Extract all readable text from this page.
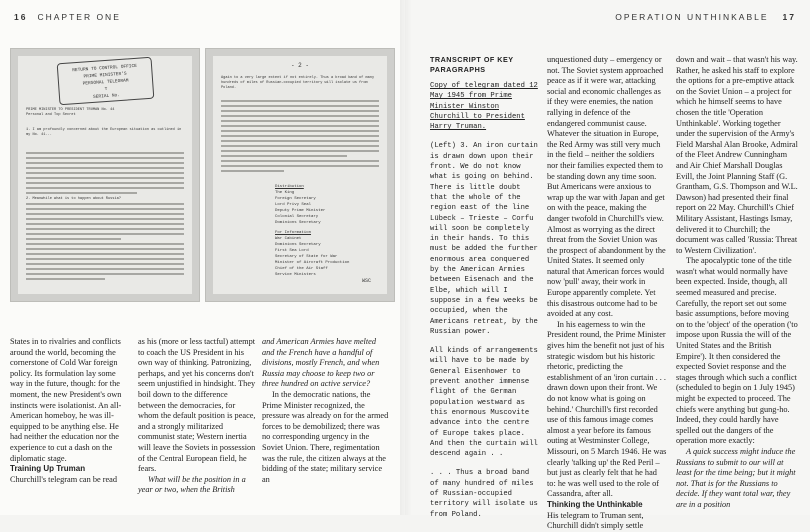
16 CHAPTER ONE	OPERATION UNTHINKABLE 17
RETURN TO CONTROL OFFICE
PRIME MINISTER'S
PERSONAL TELEGRAM
T
SERIAL No.
PRIME MINISTER TO PRESIDENT TRUMAN No. 44
Personal and Top Secret
1. I am profoundly concerned about the European situation as outlined in my No. 41...
2. Meanwhile what is to happen about Russia?
- 2 -
Again to a very large extent if not entirely. Thus a broad band of many hundreds of miles of Russian-occupied territory will isolate us from Poland.
Distribution
The King
Foreign Secretary
Lord Privy Seal
Deputy Prime Minister
Colonial Secretary
Dominions Secretary
For Information
War Cabinet
Dominions Secretary
First Sea Lord
Secretary of State for War
Minister of Aircraft Production
Chief of the Air Staff
Service Ministers
WSC

States in to rivalries and conflicts around the world, becoming the cornerstone of Cold War foreign policy. Its formulation lay some way in the future, though: for the moment, the new President's own instincts were isolationist. An all-American homeboy, he was ill-equipped to be anything else. He had neither the education nor the experience to cut a dash on the diplomatic stage.

Training Up Truman

Churchill's telegram can be read

as his (more or less tactful) attempt to coach the US President in his own way of thinking. Patronizing, perhaps, and yet his concerns don't seem unjustified in hindsight. They boil down to the difference between the democracies, for whom the default position is peace, and a strongly militarized communist state; Western inertia will leave the Soviets in possession of the Central European field, he fears.

What will be the position in a year or two, when the British

and American Armies have melted and the French have a handful of divisions, mostly French, and when Russia may choose to keep two or three hundred on active service?

In the democratic nations, the Prime Minister recognized, the pressure was already on for the armed forces to be demobilized; there was no corresponding urgency in the Soviet Union. There, regimentation was the rule, the citizen always at the bidding of the state; military service an

TRANSCRIPT OF KEY PARAGRAPHS
Copy of telegram dated 12 May 1945 from Prime Minister Winston Churchill to President Harry Truman.
(Left) 3. An iron curtain is drawn down upon their front. We do not know what is going on behind. There is little doubt that the whole of the region east of the line Lübeck – Trieste – Corfu will soon be completely in their hands. To this must be added the further enormous area conquered by the American Armies between Eisenach and the Elbe, which will I suppose in a few weeks be occupied, when the Americans retreat, by the Russian power.
All kinds of arrangements will have to be made by General Eisenhower to prevent another immense flight of the German population westward as this enormous Muscovite advance into the centre of Europe takes place. And then the curtain will descend again . .
. . . Thus a broad band of many hundred of miles of Russian-occupied territory will isolate us from Poland.

unquestioned duty – emergency or not. The Soviet system approached peace as if it were war, attacking social and economic challenges as if they were enemies, the nation rallying in defence of the endangered communist cause. Whatever the situation in Europe, the Red Army was still very much in the field – neither the soldiers nor their families expected them to be standing down any time soon. But Americans were anxious to wrap up the war with Japan and get on with the peace, making the danger twofold in Churchill's view. Almost as worrying as the direct threat from the Soviet Union was the prospect of abandonment by the United States. It seemed only natural that American forces would now 'pull' away, their work in Europe apparently complete. Yet this disastrous outcome had to be avoided at any cost.

In his eagerness to win the President round, the Prime Minister gives him the benefit not just of his strategic wisdom but his historic rhetoric, predicting the establishment of an 'iron curtain . . . drawn down upon their front. We do not know what is going on behind.' Churchill's first recorded use of this famous image comes almost a year before its famous outing at Westminster College, Missouri, on 5 March 1946. He was clearly 'talking up' the Red Peril – but just as clearly felt that he had to: he was well used to the role of Cassandra, after all.

Thinking the Unthinkable

His telegram to Truman sent, Churchill didn't simply settle

down and wait – that wasn't his way. Rather, he asked his staff to explore the options for a pre-emptive attack on the Soviet Union – a project for which he himself seems to have chosen the title 'Operation Unthinkable'. Working together under the supervision of the Army's Field Marshal Alan Brooke, Admiral of the Fleet Andrew Cunningham and Air Chief Marshall Douglas Evill, the Joint Planning Staff (G. Grantham, G.S. Thompson and W.L. Dawson) had presented their final report on 22 May. Churchill's Chief Military Assistant, Hastings Ismay, delivered it to Churchill; the document was called 'Russia: Threat to Western Civilization'.

The apocalyptic tone of the title wasn't what would normally have been expected. Inside, though, all seemed measured and precise. Carefully, the report set out some basic assumptions, before moving on to the 'object' of the operation ('to impose upon Russia the will of the United States and the British Empire'). It then considered the expected Soviet response and the stages through which such a conflict (scheduled to begin on 1 July 1945) might be expected to proceed. The chiefs were anything but gung-ho. Indeed, they could hardly have spelled out the dangers of the operation more exactly:

A quick success might induce the Russians to submit to our will at least for the time being; but it might not. That is for the Russians to decide. If they want total war, they are in a position
